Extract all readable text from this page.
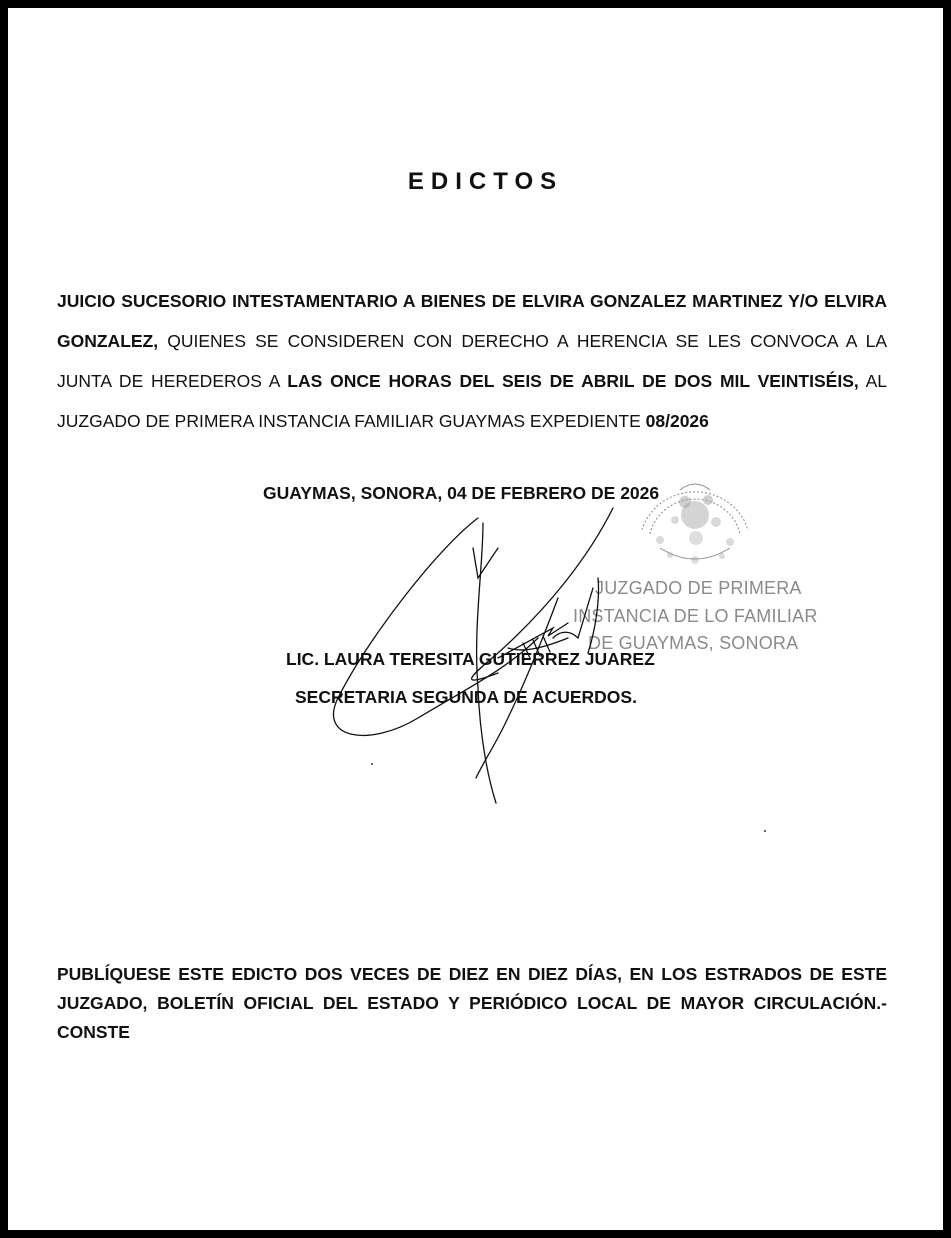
EDICTOS
JUICIO SUCESORIO INTESTAMENTARIO A BIENES DE ELVIRA GONZALEZ MARTINEZ Y/O ELVIRA GONZALEZ, QUIENES SE CONSIDEREN CON DERECHO A HERENCIA SE LES CONVOCA A LA JUNTA DE HEREDEROS A LAS ONCE HORAS DEL SEIS DE ABRIL DE DOS MIL VEINTISÉIS, AL JUZGADO DE PRIMERA INSTANCIA FAMILIAR GUAYMAS EXPEDIENTE 08/2026
GUAYMAS, SONORA, 04 DE FEBRERO DE 2026
JUZGADO DE PRIMERA
INSTANCIA DE LO FAMILIAR
DE GUAYMAS, SONORA
LIC. LAURA TERESITA GUTIERREZ JUAREZ
SECRETARIA SEGUNDA DE ACUERDOS.
PUBLÍQUESE ESTE EDICTO DOS VECES DE DIEZ EN DIEZ DÍAS, EN LOS ESTRADOS DE ESTE JUZGADO, BOLETÍN OFICIAL DEL ESTADO Y PERIÓDICO LOCAL DE MAYOR CIRCULACIÓN.- CONSTE
